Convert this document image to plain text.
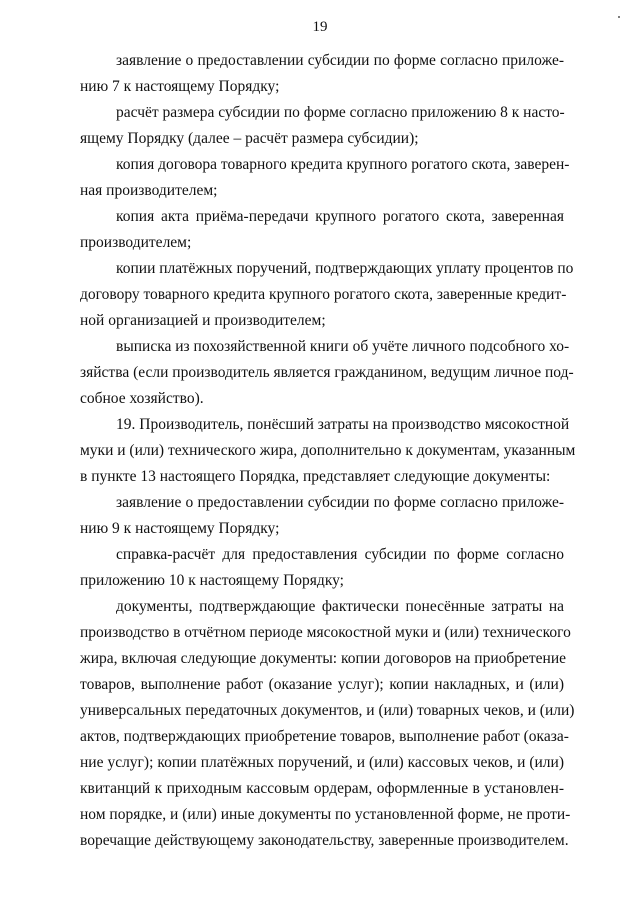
19
заявление о предоставлении субсидии по форме согласно приложе-
нию 7 к настоящему Порядку;
расчёт размера субсидии по форме согласно приложению 8 к насто-
ящему Порядку (далее – расчёт размера субсидии);
копия договора товарного кредита крупного рогатого скота, заверен-
ная производителем;
копия акта приёма-передачи крупного рогатого скота, заверенная
производителем;
копии платёжных поручений, подтверждающих уплату процентов по
договору товарного кредита крупного рогатого скота, заверенные кредит-
ной организацией и производителем;
выписка из похозяйственной книги об учёте личного подсобного хо-
зяйства (если производитель является гражданином, ведущим личное под-
собное хозяйство).
19. Производитель, понёсший затраты на производство мясокостной
муки и (или) технического жира, дополнительно к документам, указанным
в пункте 13 настоящего Порядка, представляет следующие документы:
заявление о предоставлении субсидии по форме согласно приложе-
нию 9 к настоящему Порядку;
справка-расчёт для предоставления субсидии по форме согласно
приложению 10 к настоящему Порядку;
документы, подтверждающие фактически понесённые затраты на
производство в отчётном периоде мясокостной муки и (или) технического
жира, включая следующие документы: копии договоров на приобретение
товаров, выполнение работ (оказание услуг); копии накладных, и (или)
универсальных передаточных документов, и (или) товарных чеков, и (или)
актов, подтверждающих приобретение товаров, выполнение работ (оказа-
ние услуг); копии платёжных поручений, и (или) кассовых чеков, и (или)
квитанций к приходным кассовым ордерам, оформленные в установлен-
ном порядке, и (или) иные документы по установленной форме, не проти-
воречащие действующему законодательству, заверенные производителем.
